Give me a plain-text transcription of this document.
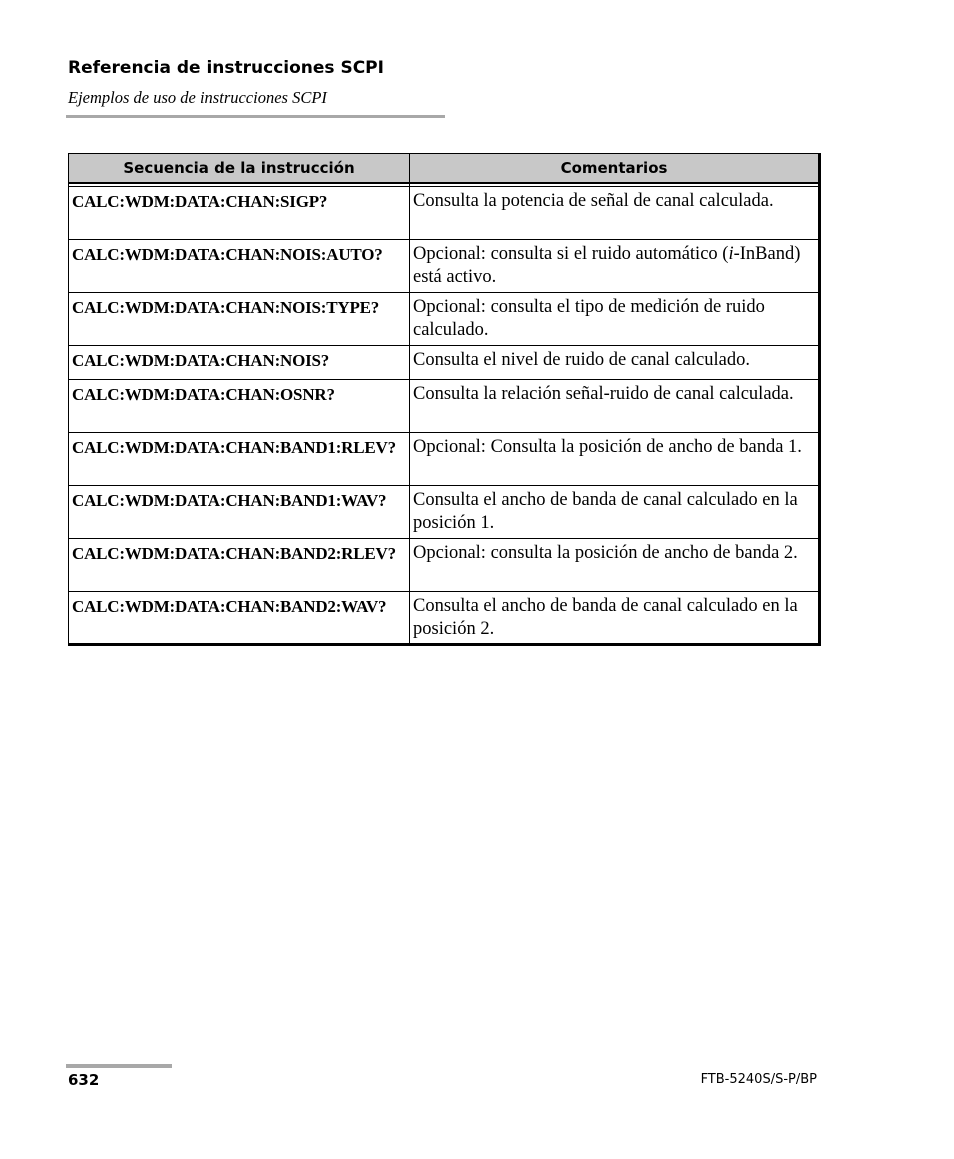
Referencia de instrucciones SCPI
Ejemplos de uso de instrucciones SCPI
Secuencia de la instrucción	Comentarios

CALC:WDM:DATA:CHAN:SIGP?	Consulta la potencia de señal de canal calculada.
CALC:WDM:DATA:CHAN:NOIS:AUTO?	Opcional: consulta si el ruido automático (i-InBand) está activo.
CALC:WDM:DATA:CHAN:NOIS:TYPE?	Opcional: consulta el tipo de medición de ruido calculado.
CALC:WDM:DATA:CHAN:NOIS?	Consulta el nivel de ruido de canal calculado.
CALC:WDM:DATA:CHAN:OSNR?	Consulta la relación señal-ruido de canal calculada.
CALC:WDM:DATA:CHAN:BAND1:RLEV?	Opcional: Consulta la posición de ancho de banda 1.
CALC:WDM:DATA:CHAN:BAND1:WAV?	Consulta el ancho de banda de canal calculado en la posición 1.
CALC:WDM:DATA:CHAN:BAND2:RLEV?	Opcional: consulta la posición de ancho de banda 2.
CALC:WDM:DATA:CHAN:BAND2:WAV?	Consulta el ancho de banda de canal calculado en la posición 2.
632	FTB-5240S/S-P/BP
